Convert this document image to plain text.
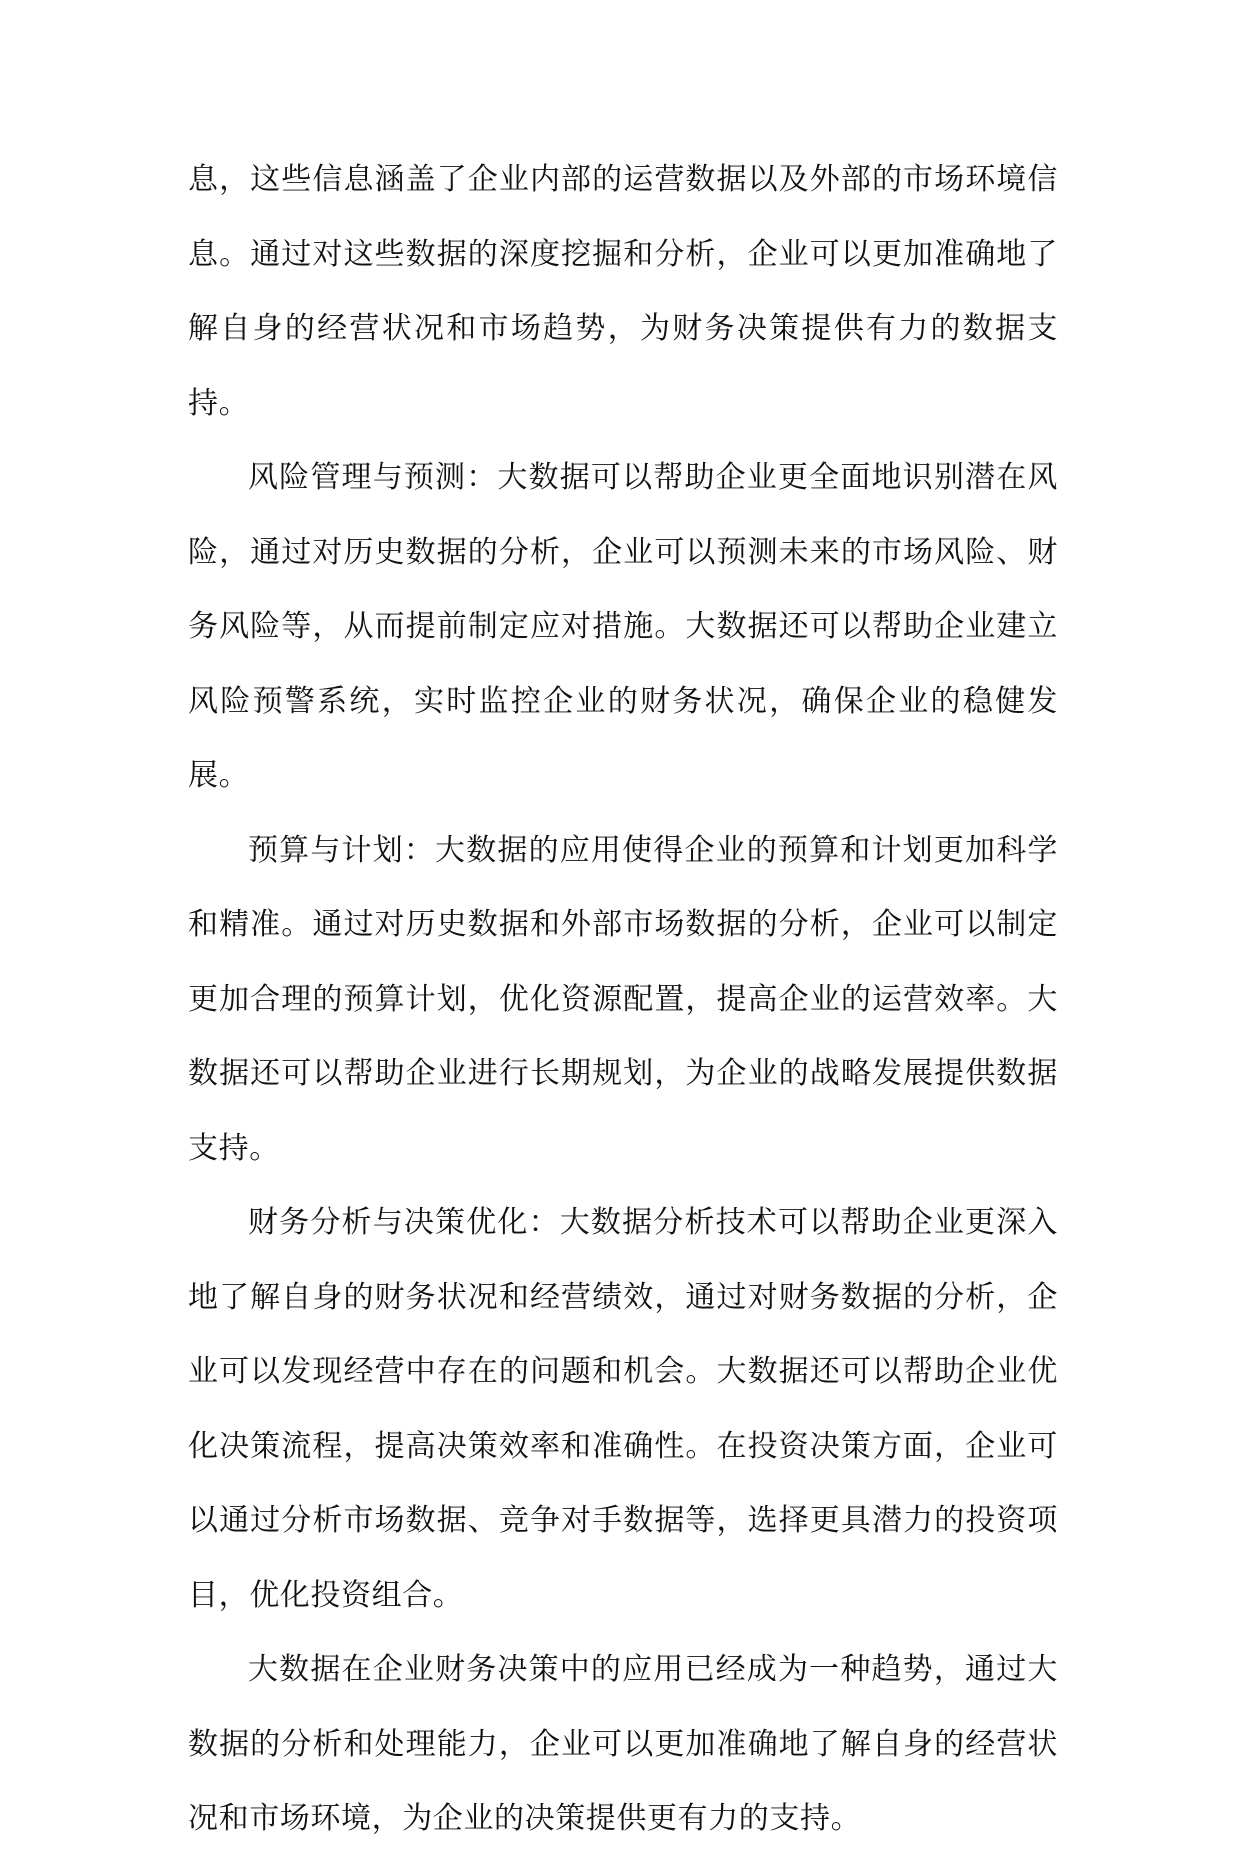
息，这些信息涵盖了企业内部的运营数据以及外部的市场环境信息。通过对这些数据的深度挖掘和分析，企业可以更加准确地了解自身的经营状况和市场趋势，为财务决策提供有力的数据支持。

风险管理与预测：大数据可以帮助企业更全面地识别潜在风险，通过对历史数据的分析，企业可以预测未来的市场风险、财务风险等，从而提前制定应对措施。大数据还可以帮助企业建立风险预警系统，实时监控企业的财务状况，确保企业的稳健发展。

预算与计划：大数据的应用使得企业的预算和计划更加科学和精准。通过对历史数据和外部市场数据的分析，企业可以制定更加合理的预算计划，优化资源配置，提高企业的运营效率。大数据还可以帮助企业进行长期规划，为企业的战略发展提供数据支持。

财务分析与决策优化：大数据分析技术可以帮助企业更深入地了解自身的财务状况和经营绩效，通过对财务数据的分析，企业可以发现经营中存在的问题和机会。大数据还可以帮助企业优化决策流程，提高决策效率和准确性。在投资决策方面，企业可以通过分析市场数据、竞争对手数据等，选择更具潜力的投资项目，优化投资组合。

大数据在企业财务决策中的应用已经成为一种趋势，通过大数据的分析和处理能力，企业可以更加准确地了解自身的经营状况和市场环境，为企业的决策提供更有力的支持。
